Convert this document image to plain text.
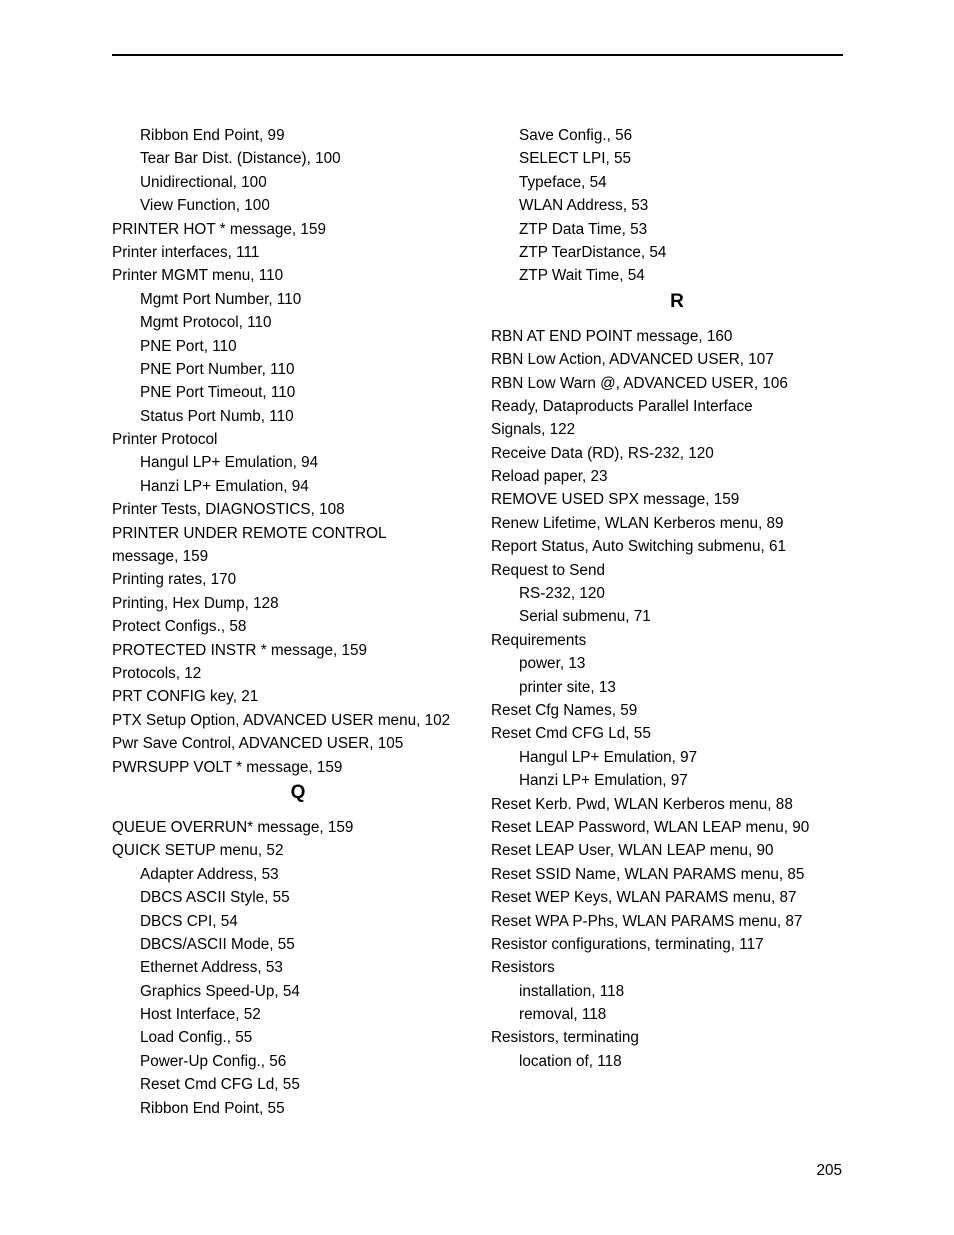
Ribbon End Point, 99
Tear Bar Dist. (Distance), 100
Unidirectional, 100
View Function, 100
PRINTER HOT * message, 159
Printer interfaces, 111
Printer MGMT menu, 110
Mgmt Port Number, 110
Mgmt Protocol, 110
PNE Port, 110
PNE Port Number, 110
PNE Port Timeout, 110
Status Port Numb, 110
Printer Protocol
Hangul LP+ Emulation, 94
Hanzi LP+ Emulation, 94
Printer Tests, DIAGNOSTICS, 108
PRINTER UNDER REMOTE CONTROL
message, 159
Printing rates, 170
Printing, Hex Dump, 128
Protect Configs., 58
PROTECTED INSTR * message, 159
Protocols, 12
PRT CONFIG key, 21
PTX Setup Option, ADVANCED USER menu, 102
Pwr Save Control, ADVANCED USER, 105
PWRSUPP VOLT * message, 159
Q
QUEUE OVERRUN* message, 159
QUICK SETUP menu, 52
Adapter Address, 53
DBCS ASCII Style, 55
DBCS CPI, 54
DBCS/ASCII Mode, 55
Ethernet Address, 53
Graphics Speed-Up, 54
Host Interface, 52
Load Config., 55
Power-Up Config., 56
Reset Cmd CFG Ld, 55
Ribbon End Point, 55
Save Config., 56
SELECT LPI, 55
Typeface, 54
WLAN Address, 53
ZTP Data Time, 53
ZTP TearDistance, 54
ZTP Wait Time, 54
R
RBN AT END POINT message, 160
RBN Low Action, ADVANCED USER, 107
RBN Low Warn @, ADVANCED USER, 106
Ready, Dataproducts Parallel Interface
Signals, 122
Receive Data (RD), RS-232, 120
Reload paper, 23
REMOVE USED SPX message, 159
Renew Lifetime, WLAN Kerberos menu, 89
Report Status, Auto Switching submenu, 61
Request to Send
RS-232, 120
Serial submenu, 71
Requirements
power, 13
printer site, 13
Reset Cfg Names, 59
Reset Cmd CFG Ld, 55
Hangul LP+ Emulation, 97
Hanzi LP+ Emulation, 97
Reset Kerb. Pwd, WLAN Kerberos menu, 88
Reset LEAP Password, WLAN LEAP menu, 90
Reset LEAP User, WLAN LEAP menu, 90
Reset SSID Name, WLAN PARAMS menu, 85
Reset WEP Keys, WLAN PARAMS menu, 87
Reset WPA P-Phs, WLAN PARAMS menu, 87
Resistor configurations, terminating, 117
Resistors
installation, 118
removal, 118
Resistors, terminating
location of, 118
205
